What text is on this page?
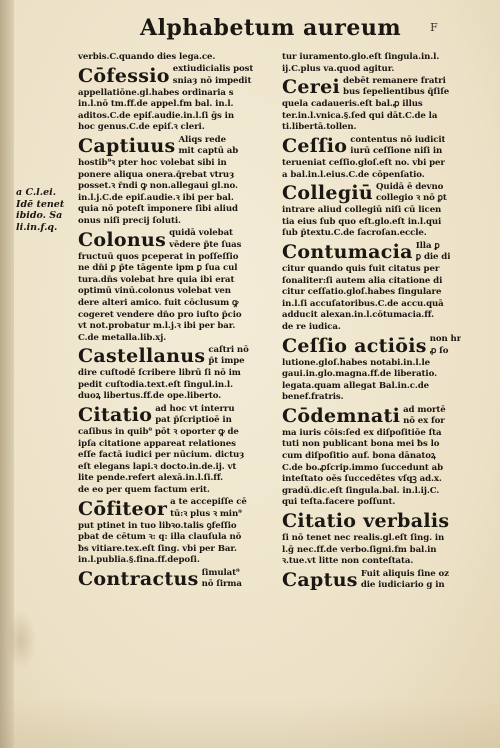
Alphabetum aureum	F
a C.l.ei.
Idē tenet
ibido. Sa
li.in.f.q.
verbis.C.quando dies lega.ce.
Cōfessio extiudicialis post
sniaȝ nō impedit
appellatiōne.gl.habes ordinaria s
in.l.nō tm.ff.de appel.fm bal. in.l.
aditos.C.de epiſ.audie.in.l.ſi ḡs in
hoc genus.C.de epiſ.ꝛ cleri.
Captiuus Aliqs rede
mit captū ab
hostib⁹ꝛ pter hoc volebat sibi in
ponere aliqua onera.q̄rebat vtruȝ
posset.ꝛ r̄ndi ꝙ non.allegaui gl.no.
in.l.j.C.de epiſ.audie.ꝛ ibi per bal.
quia nō poteſt īmponere ſibi aliud
onus niſi precij ſoluti.
Colonus quidā volebat
vēdere p̄te ſuas
fructuū quos pceperat in poſſeſſio
ne dn̄i ꝑ p̄te tāgente ipm ꝑ ſua cul
tura.dn̄s volebat h̄re quia ibi erat
optimū vinū.colonus volebat ven
dere alteri amico. fuit cōclusum ꝙ
cogeret vendere dn̄o pro iuſto p̄cio
vt not.probatur m.l.j.ꝛ ibi per bar.
C.de metalla.lib.xj.
Castellanus caſtri nō
p̄t impe
dire cuſtodē ſcribere librū ſi nō im
pedit cuſtodia.text.eſt ſingul.in.l.
duoꝝ libertus.ff.de ope.liberto.
Citatio ad hoc vt interru
pat p̄ſcriptioē in
caſibus in quib⁹ pōt ꝛ oporter ꝙ de
ipſa citatione appareat relationes
eſſe factā iudici per nūcium. dictuȝ
eſt elegans lapi.ꝛ docto.in.de.ij. vt
lite pende.refert alexā.in.l.ſi.ff.
de eo per quem factum erit.
Cōfiteor a te accepiſſe cē
tū:ꝛ plus ꝛ min⁹
put ptinet in tuo libꝛo.talis ꝯfeſſio
pbat de cētum ꝛ: q: illa clauſula nō
ƀs vitiare.tex.eſt ſing. vbi per Bar.
in.l.publia.§.fina.ff.depoſi.
Contractus ſimulat⁹
nō ſirma
tur iuramento.glo.eſt ſingula.in.l.
ij.C.plus va.quod agitur.
Cerei debēt remanere fratri
bus ſepelientibus q̄ſiſe
quela cadaueris.eſt bal.ꝓ illus
ter.in.l.vnica.§.ſed qui dāt.C.de la
ti.libertā.tollen.
Ceſſio contentus nō iudicit
iurū ceſſione niſi in
terueniat ceſſio.gloſ.eſt no. vbi per
a bal.in.l.eius.C.de cōpenſatio.
Collegiū Quidā ē devno
collegio ꝛ nō ꝑt
intrare aliud collegiū niſi cū licen
tia eius ſub quo eſt.glo.eſt in.l.qui
ſub p̄textu.C.de ſacroſan.eccle.
Contumacia Illa ꝑ
ꝑ die di
citur quando quis fuit citatus per
ſonaliter:ſi autem alia citatione di
citur ceſſatio.gloſ.habes ſingulare
in.l.ſi accuſatoribus.C.de accu.quā
adducit alexan.in.l.cōtumacia.ff.
de re iudica.
Ceſſio actiōis non h̄r
ꝓ ſo
lutione.gloſ.habes notabi.in.l.le
gaui.in.glo.magna.ff.de liberatio.
legata.quam allegat Bal.in.c.de
benef.fratris.
Cōdemnati ad mortē
nō ex for
ma iuris cōis:ſed ex diſpoſitiōe ſta
tuti non publicant bona mei ƀs lo
cum diſpoſitio auf. bona dānatoꝝ
C.de bo.ꝓſcrip.immo ſuccedunt ab
inteſtato oēs ſuccedētes vſqꝫ ad.x.
gradū.dic.eſt ſingula.bal. in.l.ij.C.
qui teſta.facere poſſunt.
Citatio verbalis
ſi nō tenet nec realis.gl.eſt ſing. in
l.ḡ nec.ff.de verbo.ſigni.fm bal.in
ꝛ.tue.vt litte non conteſtata.
Captus Fuit aliquis ſine oz
die iudiciario g in
